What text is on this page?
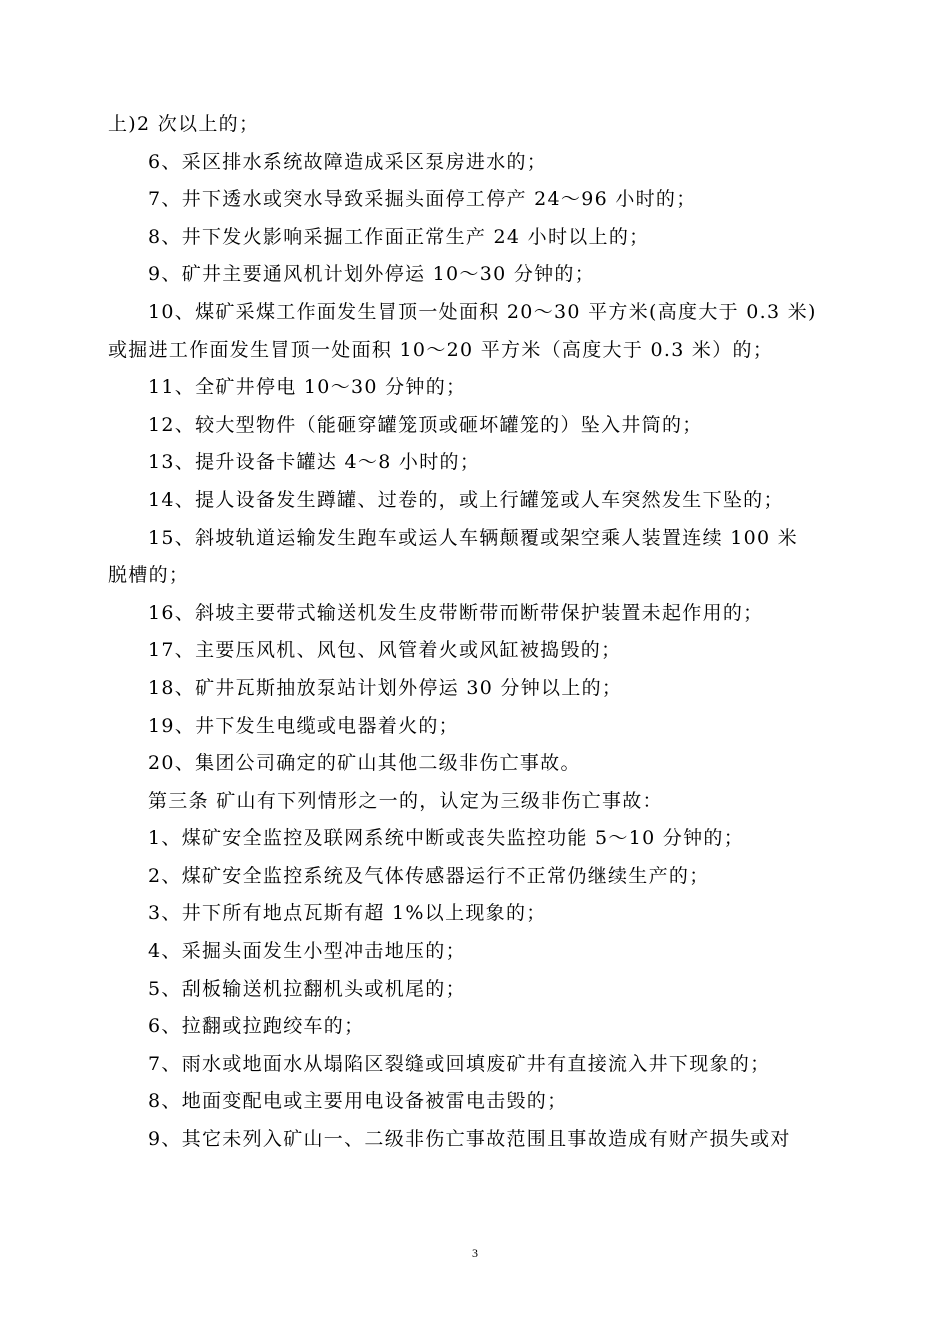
上)2 次以上的；
6、采区排水系统故障造成采区泵房进水的；
7、井下透水或突水导致采掘头面停工停产 24～96 小时的；
8、井下发火影响采掘工作面正常生产 24 小时以上的；
9、矿井主要通风机计划外停运 10～30 分钟的；
10、煤矿采煤工作面发生冒顶一处面积 20～30 平方米(高度大于 0.3 米)
或掘进工作面发生冒顶一处面积 10～20 平方米（高度大于 0.3 米）的；
11、全矿井停电 10～30 分钟的；
12、较大型物件（能砸穿罐笼顶或砸坏罐笼的）坠入井筒的；
13、提升设备卡罐达 4～8 小时的；
14、提人设备发生蹲罐、过卷的，或上行罐笼或人车突然发生下坠的；
15、斜坡轨道运输发生跑车或运人车辆颠覆或架空乘人装置连续 100 米
脱槽的；
16、斜坡主要带式输送机发生皮带断带而断带保护装置未起作用的；
17、主要压风机、风包、风管着火或风缸被捣毁的；
18、矿井瓦斯抽放泵站计划外停运 30 分钟以上的；
19、井下发生电缆或电器着火的；
20、集团公司确定的矿山其他二级非伤亡事故。
第三条 矿山有下列情形之一的，认定为三级非伤亡事故：
1、煤矿安全监控及联网系统中断或丧失监控功能 5～10 分钟的；
2、煤矿安全监控系统及气体传感器运行不正常仍继续生产的；
3、井下所有地点瓦斯有超 1%以上现象的；
4、采掘头面发生小型冲击地压的；
5、刮板输送机拉翻机头或机尾的；
6、拉翻或拉跑绞车的；
7、雨水或地面水从塌陷区裂缝或回填废矿井有直接流入井下现象的；
8、地面变配电或主要用电设备被雷电击毁的；
9、其它未列入矿山一、二级非伤亡事故范围且事故造成有财产损失或对
3
